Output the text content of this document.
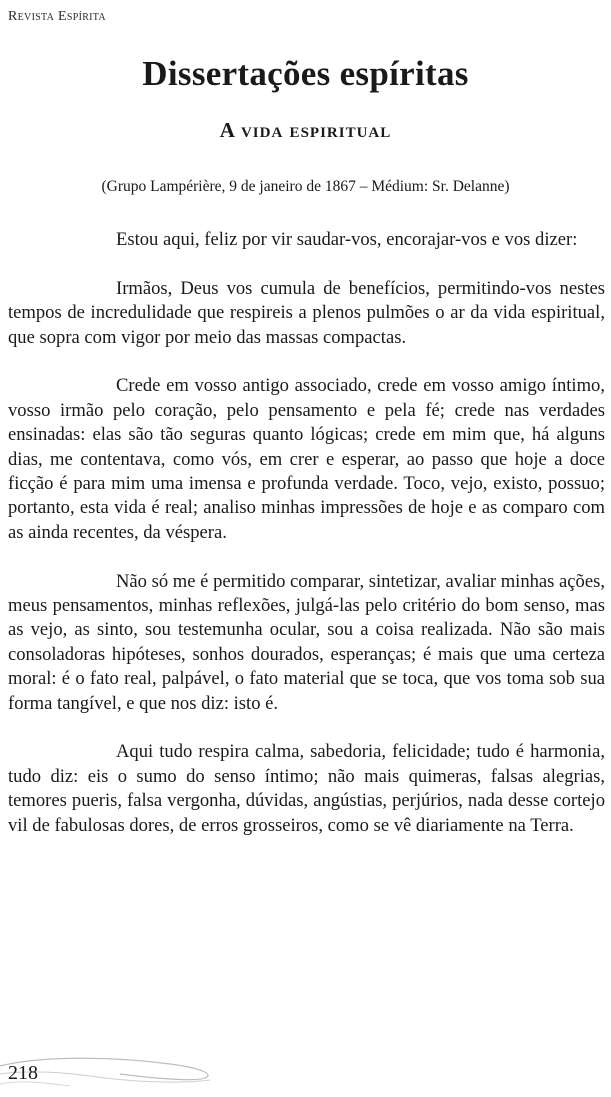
Revista Espírita
Dissertações espíritas
A vida espiritual

(Grupo Lampérière, 9 de janeiro de 1867 – Médium: Sr. Delanne)

Estou aqui, feliz por vir saudar-vos, encorajar-vos e vos dizer:

Irmãos, Deus vos cumula de benefícios, permitindo-vos nestes tempos de incredulidade que respireis a plenos pulmões o ar da vida espiritual, que sopra com vigor por meio das massas compactas.

Crede em vosso antigo associado, crede em vosso amigo íntimo, vosso irmão pelo coração, pelo pensamento e pela fé; crede nas verdades ensinadas: elas são tão seguras quanto lógicas; crede em mim que, há alguns dias, me contentava, como vós, em crer e esperar, ao passo que hoje a doce ficção é para mim uma imensa e profunda verdade. Toco, vejo, existo, possuo; portanto, esta vida é real; analiso minhas impressões de hoje e as comparo com as ainda recentes, da véspera.

Não só me é permitido comparar, sintetizar, avaliar minhas ações, meus pensamentos, minhas reflexões, julgá-las pelo critério do bom senso, mas as vejo, as sinto, sou testemunha ocular, sou a coisa realizada. Não são mais consoladoras hipóteses, sonhos dourados, esperanças; é mais que uma certeza moral: é o fato real, palpável, o fato material que se toca, que vos toma sob sua forma tangível, e que nos diz: isto é.

Aqui tudo respira calma, sabedoria, felicidade; tudo é harmonia, tudo diz: eis o sumo do senso íntimo; não mais quimeras, falsas alegrias, temores pueris, falsa vergonha, dúvidas, angústias, perjúrios, nada desse cortejo vil de fabulosas dores, de erros grosseiros, como se vê diariamente na Terra.

218
